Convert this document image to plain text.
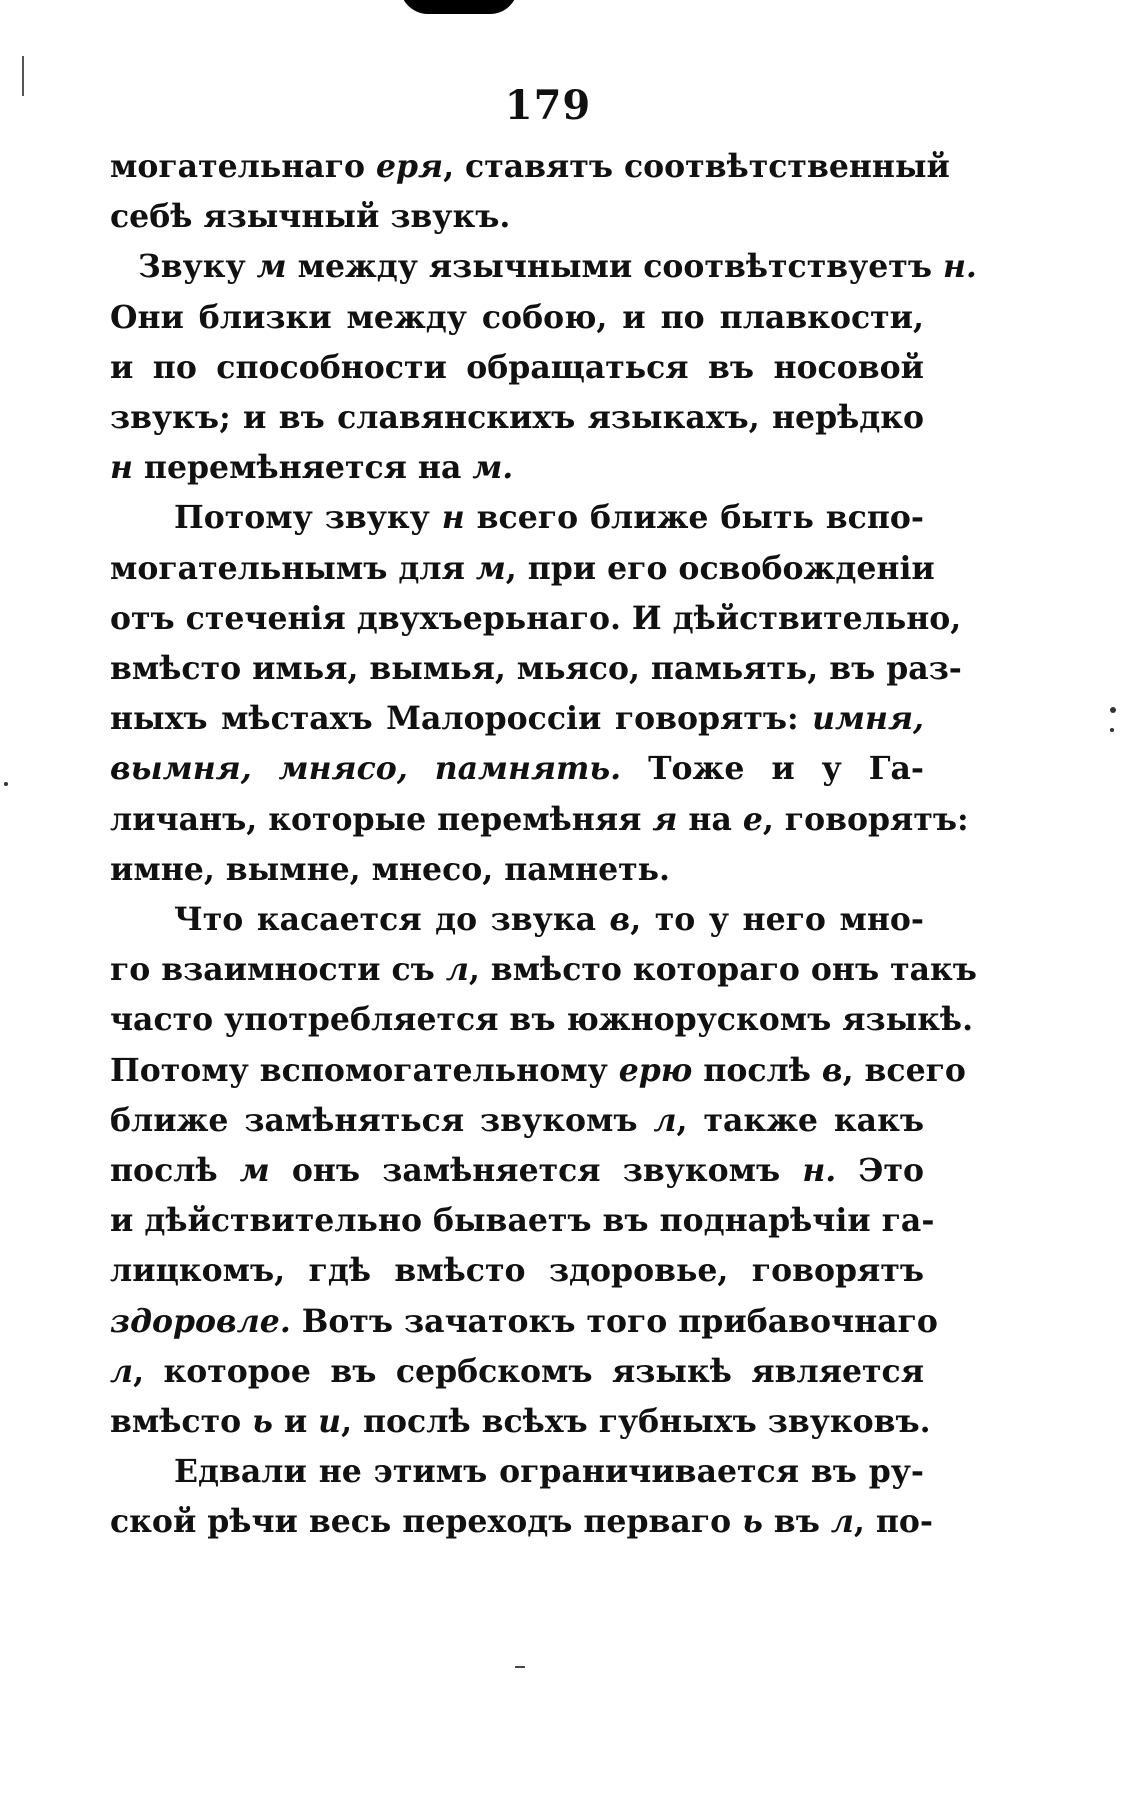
179
могательнаго еря, ставятъ соотвѣтственный
себѣ язычный звукъ.
Звуку м между язычными соотвѣтствуетъ н.
Они близки между собою, и по плавкости,
и по способности обращаться въ носовой
звукъ; и въ славянскихъ языкахъ, нерѣдко
н перемѣняется на м.
Потому звуку н всего ближе быть вспо-
могательнымъ для м, при его освобожденіи
отъ стеченія двухъерьнаго. И дѣйствительно,
вмѣсто имья, вымья, мьясо, памьять, въ раз-
ныхъ мѣстахъ Малороссіи говорятъ: имня,
вымня, мнясо, памнять. Тоже и у Га-
личанъ, которые перемѣняя я на е, говорятъ:
имне, вымне, мнесо, памнеть.
Что касается до звука в, то у него мно-
го взаимности съ л, вмѣсто котораго онъ такъ
часто употребляется въ южнорускомъ языкѣ.
Потому вспомогательному ерю послѣ в, всего
ближе замѣняться звукомъ л, также какъ
послѣ м онъ замѣняется звукомъ н. Это
и дѣйствительно бываетъ въ поднарѣчіи га-
лицкомъ, гдѣ вмѣсто здоровье, говорятъ
здоровле. Вотъ зачатокъ того прибавочнаго
л, которое въ сербскомъ языкѣ является
вмѣсто ь и и, послѣ всѣхъ губныхъ звуковъ.
Едвали не этимъ ограничивается въ ру-
ской рѣчи весь переходъ перваго ь въ л, по-
